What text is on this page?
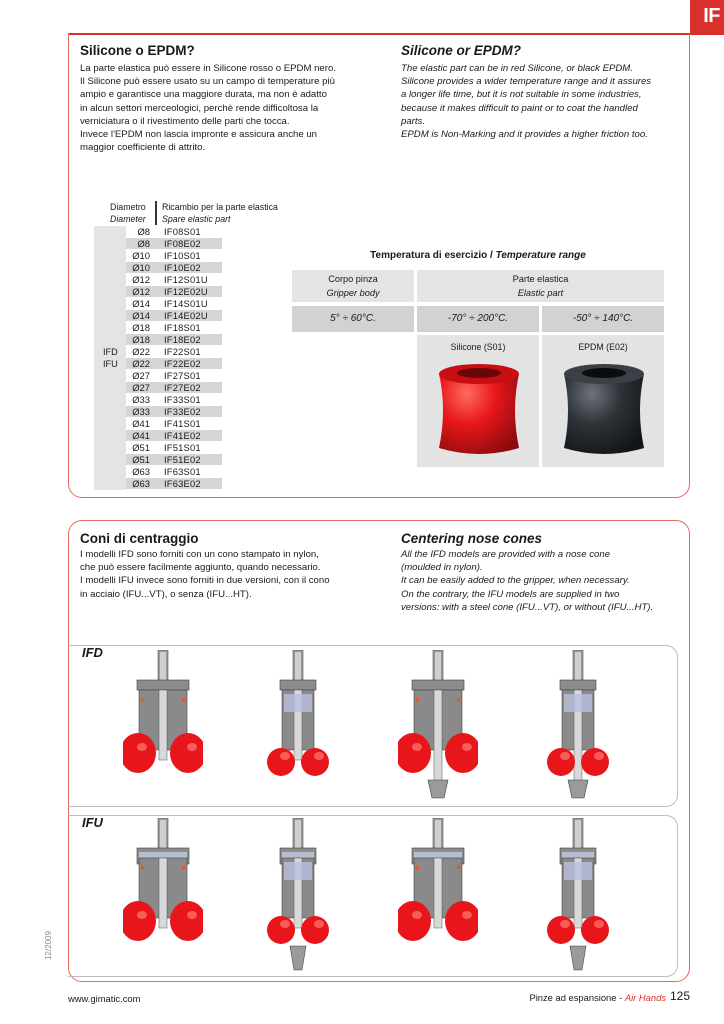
IF
Silicone o EPDM?	Silicone or EPDM?

La parte elastica può essere in Silicone rosso o EPDM nero.

Il Silicone può essere usato su un campo di temperature più

ampio e garantisce una maggiore durata, ma non è adatto

in alcun settori merceologici, perchè rende difficoltosa la

verniciatura o il rivestimento delle parti che tocca.

Invece l'EPDM non lascia impronte e assicura anche un

maggior coefficiente di attrito.

The elastic part can be in red Silicone, or black EPDM.

Silicone provides a wider temperature range and it assures

a longer life time, but it is not suitable in some industries,

because it makes difficult to paint or to coat the handled

parts.

EPDM is Non-Marking and it provides a higher friction too.

Diametro
Diameter
Ricambio per la parte elastica
Spare elastic part
IFD
IFU
Ø8	IF08S01
Ø8	IF08E02
Ø10	IF10S01
Ø10	IF10E02
Ø12	IF12S01U
Ø12	IF12E02U
Ø14	IF14S01U
Ø14	IF14E02U
Ø18	IF18S01
Ø18	IF18E02
Ø22	IF22S01
Ø22	IF22E02
Ø27	IF27S01
Ø27	IF27E02
Ø33	IF33S01
Ø33	IF33E02
Ø41	IF41S01
Ø41	IF41E02
Ø51	IF51S01
Ø51	IF51E02
Ø63	IF63S01
Ø63	IF63E02
Temperatura di esercizio / Temperature range
Corpo pinza
Gripper body
Parte elastica
Elastic part
5° ÷ 60°C.	-70° ÷ 200°C.	-50° ÷ 140°C.
Silicone (S01)	EPDM (E02)
Coni di centraggio	Centering nose cones

I modelli IFD sono forniti con un cono stampato in nylon,

che può essere facilmente aggiunto, quando necessario.

I modelli IFU invece sono forniti in due versioni, con il cono

in acciaio (IFU...VT), o senza (IFU...HT).

All the IFD models are provided with a nose cone

(moulded in nylon).

It can be easily added to the gripper, when necessary.

On the contrary, the IFU models are supplied in two

versions: with a steel cone (IFU...VT), or without (IFU...HT).

IFD
IFU
www.gimatic.com	Pinze ad espansione - Air Hands 125
12/2009
